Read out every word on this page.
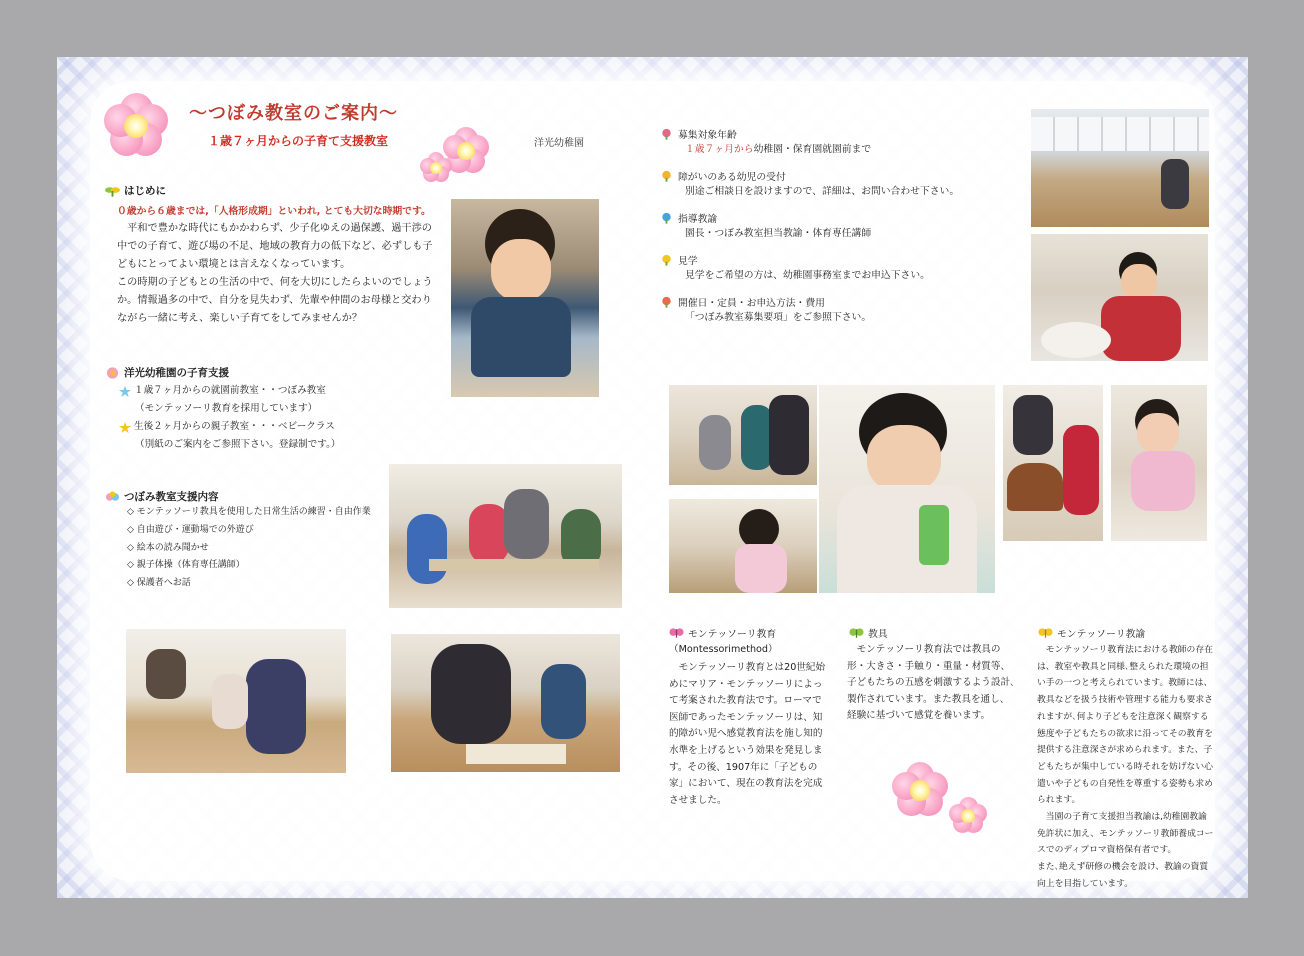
〜つぼみ教室のご案内〜
１歳７ヶ月からの子育て支援教室	洋光幼稚園
はじめに
０歳から６歳までは,「人格形成期」といわれ, とても大切な時期です。
　平和で豊かな時代にもかかわらず、少子化ゆえの過保護、過干渉の中での子育て、遊び場の不足、地域の教育力の低下など、必ずしも子どもにとってよい環境とは言えなくなっています。
この時期の子どもとの生活の中で、何を大切にしたらよいのでしょうか。情報過多の中で、自分を見失わず、先輩や仲間のお母様と交わりながら一緒に考え、楽しい子育てをしてみませんか？
洋光幼稚園の子育支援
１歳７ヶ月からの就園前教室・・つぼみ教室
（モンテッソーリ教育を採用しています）
生後２ヶ月からの親子教室・・・ベビークラス
（別紙のご案内をご参照下さい。登録制です。）
つぼみ教室支援内容
◇ モンテッソーリ教具を使用した日常生活の練習・自由作業
◇ 自由遊び・運動場での外遊び
◇ 絵本の読み聞かせ
◇ 親子体操（体育専任講師）
◇ 保護者へお話
募集対象年齢
１歳７ヶ月から幼稚園・保育園就園前まで
障がいのある幼児の受付
別途ご相談日を設けますので、詳細は、お問い合わせ下さい。
指導教諭
園長・つぼみ教室担当教諭・体育専任講師
見学
見学をご希望の方は、幼稚園事務室までお申込下さい。
開催日・定員・お申込方法・費用
「つぼみ教室募集要項」をご参照下さい。
モンテッソーリ教育
（Montessorimethod）
　モンテッソーリ教育とは20世紀始めにマリア・モンテッソーリによって考案された教育法です。ローマで医師であったモンテッソーリは、知的障がい児へ感覚教育法を施し知的水準を上げるという効果を発見します。その後、1907年に「子どもの家」において、現在の教育法を完成させました。
教具
　モンテッソーリ教育法では教具の形・大きさ・手触り・重量・材質等、子どもたちの五感を刺激するよう設計､製作されています。また教具を通し、経験に基づいて感覚を養います。
モンテッソーリ教諭
　モンテッソーリ教育法における教師の存在は、教室や教具と同様､整えられた環境の担い手の一つと考えられています。教師には、教具などを扱う技術や管理する能力も要求されますが､何より子どもを注意深く観察する態度や子どもたちの欲求に沿ってその教育を提供する注意深さが求められます。また、子どもたちが集中している時それを妨げない心遣いや子どもの自発性を尊重する姿勢も求められます。
　当園の子育て支援担当教諭は,幼稚園教諭免許状に加え、モンテッソーリ教師養成コースでのディプロマ資格保有者です。
また､絶えず研修の機会を設け、教諭の資質向上を目指しています。
